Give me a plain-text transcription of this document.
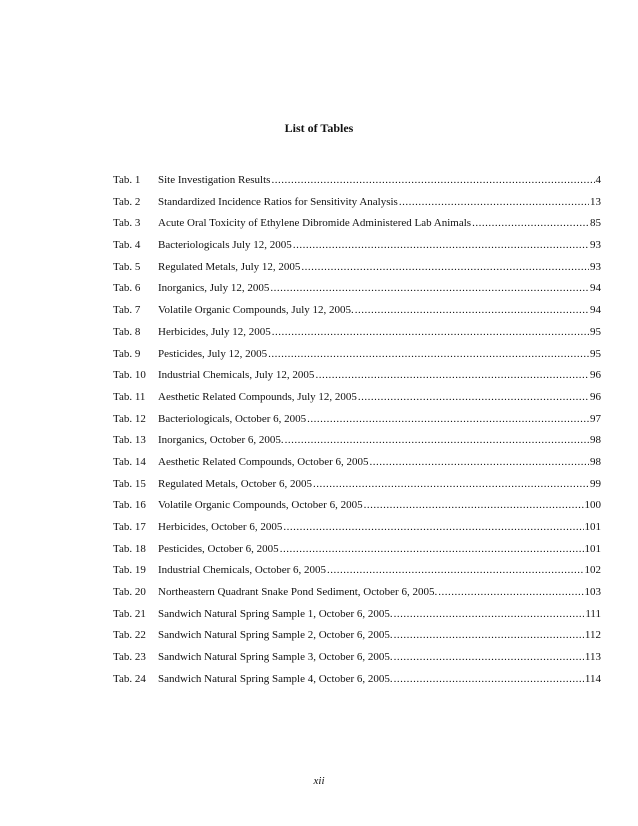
List of Tables
Tab. 1	Site Investigation Results .....	4
Tab. 2	Standardized Incidence Ratios for Sensitivity Analysis .....	13
Tab. 3	Acute Oral Toxicity of Ethylene Dibromide Administered Lab Animals .....	85
Tab. 4	Bacteriologicals July 12, 2005 .....	93
Tab. 5	Regulated Metals, July 12, 2005 .....	93
Tab. 6	Inorganics, July 12, 2005 .....	94
Tab. 7	Volatile Organic Compounds, July 12, 2005. .....	94
Tab. 8	Herbicides, July 12, 2005 .....	95
Tab. 9	Pesticides, July 12, 2005 .....	95
Tab. 10	Industrial Chemicals, July 12, 2005 .....	96
Tab. 11	Aesthetic Related Compounds, July 12, 2005 .....	96
Tab. 12	Bacteriologicals, October 6, 2005 .....	97
Tab. 13	Inorganics, October 6, 2005. .....	98
Tab. 14	Aesthetic Related Compounds, October 6, 2005 .....	98
Tab. 15	Regulated Metals, October 6, 2005 .....	99
Tab. 16	Volatile Organic Compounds, October 6, 2005 .....	100
Tab. 17	Herbicides, October 6, 2005 .....	101
Tab. 18	Pesticides, October 6, 2005 .....	101
Tab. 19	Industrial Chemicals, October 6, 2005 .....	102
Tab. 20	Northeastern Quadrant Snake Pond Sediment, October 6, 2005. .....	103
Tab. 21	Sandwich Natural Spring Sample 1, October 6, 2005. .....	111
Tab. 22	Sandwich Natural Spring Sample 2, October 6, 2005. .....	112
Tab. 23	Sandwich Natural Spring Sample 3, October 6, 2005. .....	113
Tab. 24	Sandwich Natural Spring Sample 4, October 6, 2005. .....	114
xii
